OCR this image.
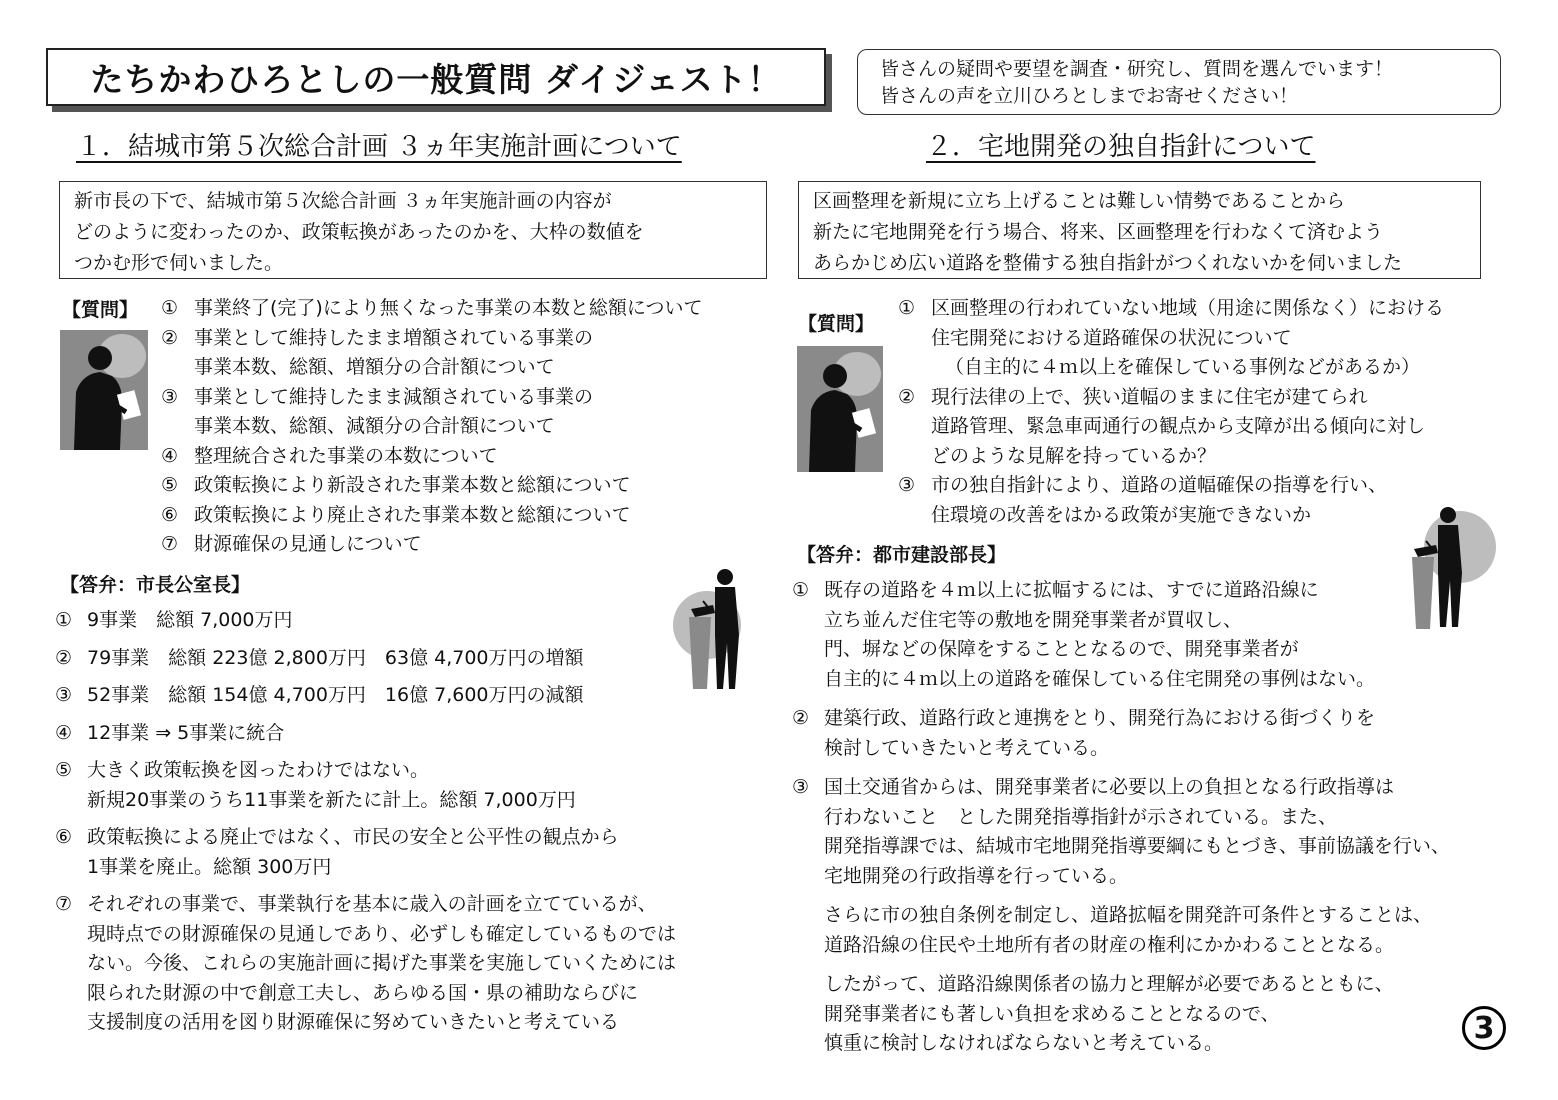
たちかわひろとしの一般質問 ダイジェスト！	皆さんの疑問や要望を調査・研究し、質問を選んでいます！
皆さんの声を立川ひろとしまでお寄せください！
１．結城市第５次総合計画 ３ヵ年実施計画について
新市長の下で、結城市第５次総合計画 ３ヵ年実施計画の内容が
どのように変わったのか、政策転換があったのかを、大枠の数値を
つかむ形で伺いました。
【質問】 ① 事業終了(完了)により無くなった事業の本数と総額について
② 事業として維持したまま増額されている事業の
事業本数、総額、増額分の合計額について
③ 事業として維持したまま減額されている事業の
事業本数、総額、減額分の合計額について
④ 整理統合された事業の本数について
⑤ 政策転換により新設された事業本数と総額について
⑥ 政策転換により廃止された事業本数と総額について
⑦ 財源確保の見通しについて
【答弁：市長公室長】
① 9事業　総額 7,000万円
② 79事業　総額 223億 2,800万円　63億 4,700万円の増額
③ 52事業　総額 154億 4,700万円　16億 7,600万円の減額
④ 12事業 ⇒ 5事業に統合
⑤ 大きく政策転換を図ったわけではない。
新規20事業のうち11事業を新たに計上。総額 7,000万円
⑥ 政策転換による廃止ではなく、市民の安全と公平性の観点から
1事業を廃止。総額 300万円
⑦ それぞれの事業で、事業執行を基本に歳入の計画を立てているが、
現時点での財源確保の見通しであり、必ずしも確定しているものでは
ない。今後、これらの実施計画に掲げた事業を実施していくためには
限られた財源の中で創意工夫し、あらゆる国・県の補助ならびに
支援制度の活用を図り財源確保に努めていきたいと考えている
２．宅地開発の独自指針について
区画整理を新規に立ち上げることは難しい情勢であることから
新たに宅地開発を行う場合、将来、区画整理を行わなくて済むよう
あらかじめ広い道路を整備する独自指針がつくれないかを伺いました
【質問】
① 区画整理の行われていない地域（用途に関係なく）における
住宅開発における道路確保の状況について
（自主的に４ｍ以上を確保している事例などがあるか）
② 現行法律の上で、狭い道幅のままに住宅が建てられ
道路管理、緊急車両通行の観点から支障が出る傾向に対し
どのような見解を持っているか？
③ 市の独自指針により、道路の道幅確保の指導を行い、
住環境の改善をはかる政策が実施できないか
【答弁：都市建設部長】
① 既存の道路を４ｍ以上に拡幅するには、すでに道路沿線に
立ち並んだ住宅等の敷地を開発事業者が買収し、
門、塀などの保障をすることとなるので、開発事業者が
自主的に４ｍ以上の道路を確保している住宅開発の事例はない。
② 建築行政、道路行政と連携をとり、開発行為における街づくりを
検討していきたいと考えている。
③ 国土交通省からは、開発事業者に必要以上の負担となる行政指導は
行わないこと　とした開発指導指針が示されている。また、
開発指導課では、結城市宅地開発指導要綱にもとづき、事前協議を行い、
宅地開発の行政指導を行っている。
さらに市の独自条例を制定し、道路拡幅を開発許可条件とすることは、
道路沿線の住民や土地所有者の財産の権利にかかわることとなる。
したがって、道路沿線関係者の協力と理解が必要であるとともに、
開発事業者にも著しい負担を求めることとなるので、
慎重に検討しなければならないと考えている。	3
